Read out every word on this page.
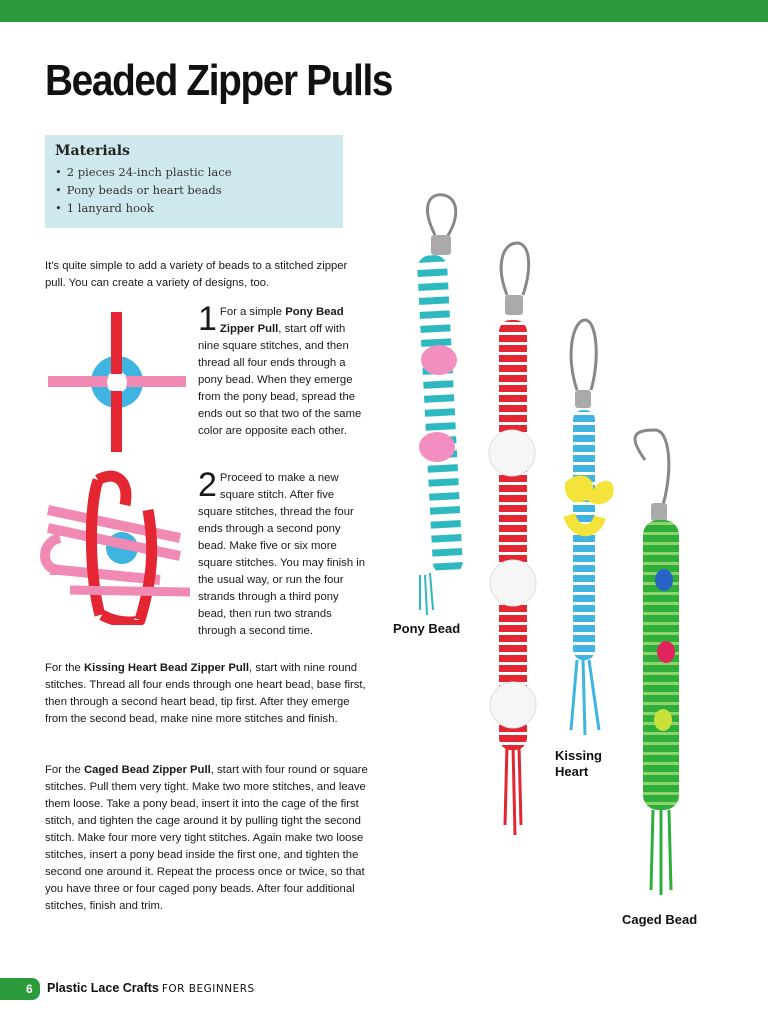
Beaded Zipper Pulls
Materials
• 2 pieces 24-inch plastic lace
• Pony beads or heart beads
• 1 lanyard hook

It's quite simple to add a variety of beads to a stitched zipper pull. You can create a variety of designs, too.

1 For a simple Pony Bead Zipper Pull, start off with nine square stitches, and then thread all four ends through a pony bead. When they emerge from the pony bead, spread the ends out so that two of the same color are opposite each other.

2 Proceed to make a new square stitch. After five square stitches, thread the four ends through a second pony bead. Make five or six more square stitches. You may finish in the usual way, or run the four strands through a third pony bead, then run two strands through a second time.

For the Kissing Heart Bead Zipper Pull, start with nine round stitches. Thread all four ends through one heart bead, base first, then through a second heart bead, tip first. After they emerge from the second bead, make nine more stitches and finish.

For the Caged Bead Zipper Pull, start with four round or square stitches. Pull them very tight. Make two more stitches, and leave them loose. Take a pony bead, insert it into the cage of the first stitch, and tighten the cage around it by pulling tight the second stitch. Make four more very tight stitches. Again make two loose stitches, insert a pony bead inside the first one, and tighten the second one around it. Repeat the process once or twice, so that you have three or four caged pony beads. After four additional stitches, finish and trim.

Pony Bead
Kissing Heart
Caged Bead
6	Plastic Lace Crafts FOR BEGINNERS
